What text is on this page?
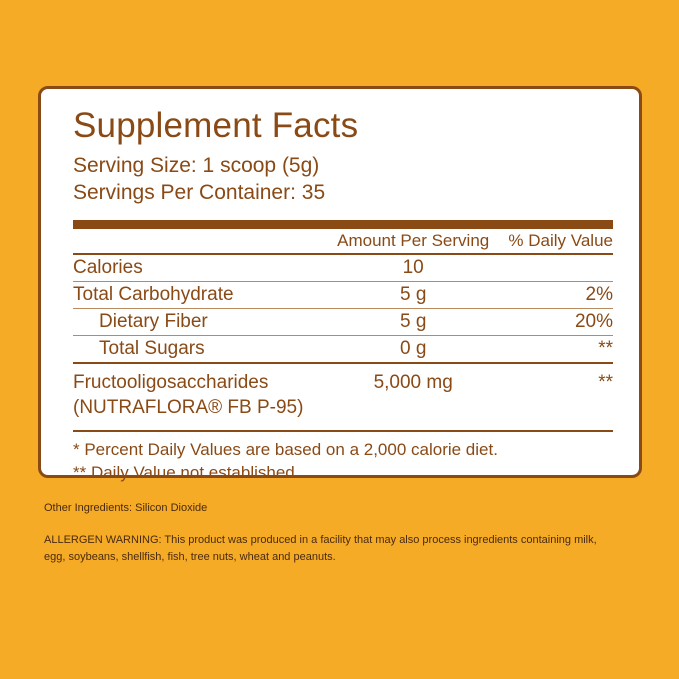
Supplement Facts

Serving Size: 1 scoop (5g)

Servings Per Container: 35

	Amount Per Serving	% Daily Value
Calories	10	
Total Carbohydrate	5 g	2%
Dietary Fiber	5 g	20%
Total Sugars	0 g	**
Fructooligosaccharides	5,000 mg	**
(NUTRAFLORA® FB P-95)
* Percent Daily Values are based on a 2,000 calorie diet.
** Daily Value not established
Other Ingredients: Silicon Dioxide
ALLERGEN WARNING: This product was produced in a facility that may also process ingredients containing milk, egg, soybeans, shellfish, fish, tree nuts, wheat and peanuts.
